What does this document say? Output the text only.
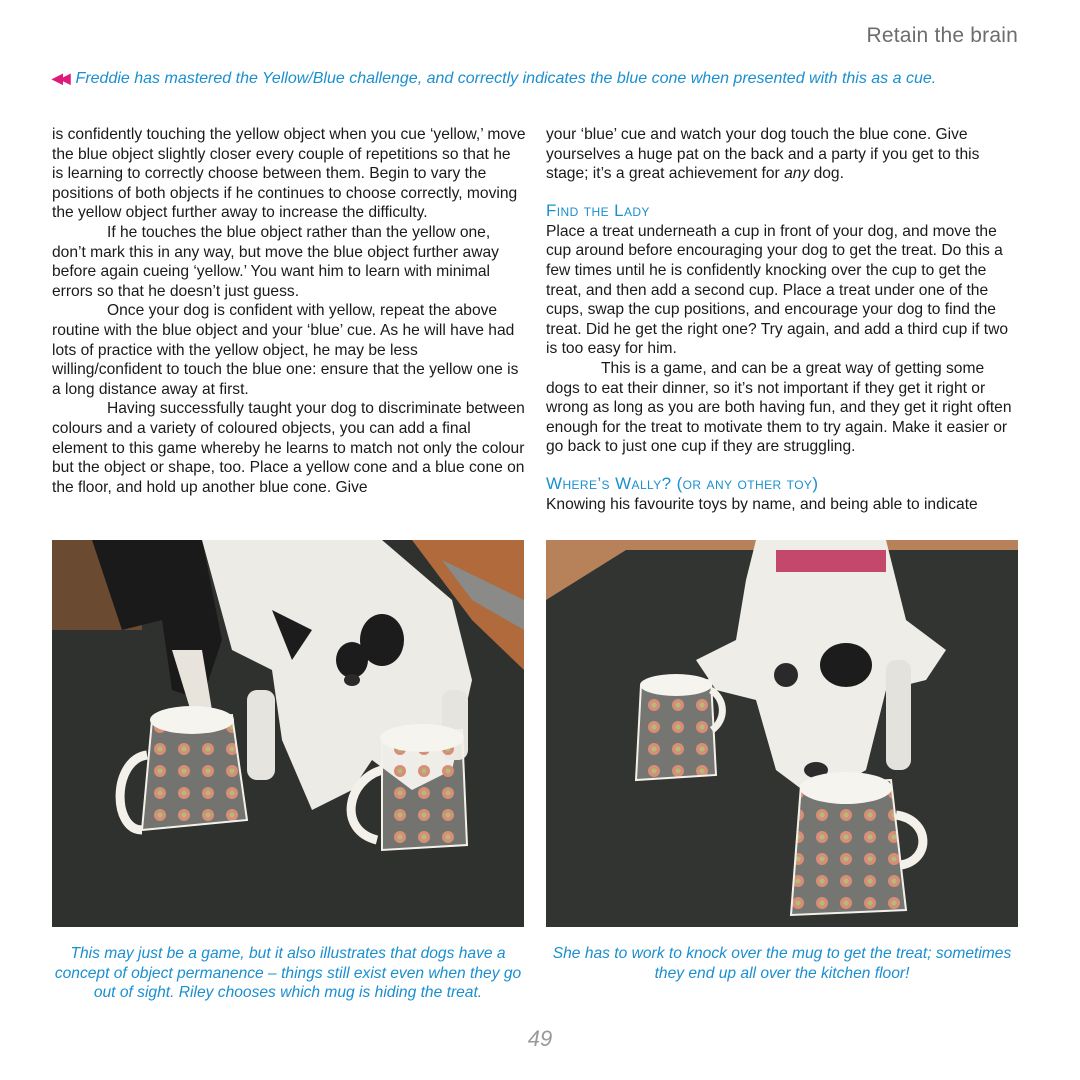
Retain the brain
◀◀ Freddie has mastered the Yellow/Blue challenge, and correctly indicates the blue cone when presented with this as a cue.

is confidently touching the yellow object when you cue ‘yellow,’ move the blue object slightly closer every couple of repetitions so that he is learning to correctly choose between them. Begin to vary the positions of both objects if he continues to choose correctly, moving the yellow object further away to increase the difficulty.

If he touches the blue object rather than the yellow one, don’t mark this in any way, but move the blue object further away before again cueing ‘yellow.’ You want him to learn with minimal errors so that he doesn’t just guess.

Once your dog is confident with yellow, repeat the above routine with the blue object and your ‘blue’ cue. As he will have had lots of practice with the yellow object, he may be less willing/confident to touch the blue one: ensure that the yellow one is a long distance away at first.

Having successfully taught your dog to discriminate between colours and a variety of coloured objects, you can add a final element to this game whereby he learns to match not only the colour but the object or shape, too. Place a yellow cone and a blue cone on the floor, and hold up another blue cone. Give

your ‘blue’ cue and watch your dog touch the blue cone. Give yourselves a huge pat on the back and a party if you get to this stage; it’s a great achievement for any dog.

Find the Lady

Place a treat underneath a cup in front of your dog, and move the cup around before encouraging your dog to get the treat. Do this a few times until he is confidently knocking over the cup to get the treat, and then add a second cup. Place a treat under one of the cups, swap the cup positions, and encourage your dog to find the treat. Did he get the right one? Try again, and add a third cup if two is too easy for him.

This is a game, and can be a great way of getting some dogs to eat their dinner, so it’s not important if they get it right or wrong as long as you are both having fun, and they get it right often enough for the treat to motivate them to try again. Make it easier or go back to just one cup if they are struggling.

Where’s Wally? (or any other toy)

Knowing his favourite toys by name, and being able to indicate

This may just be a game, but it also illustrates that dogs have a concept of object permanence – things still exist even when they go out of sight. Riley chooses which mug is hiding the treat.
She has to work to knock over the mug to get the treat; sometimes they end up all over the kitchen floor!
49
